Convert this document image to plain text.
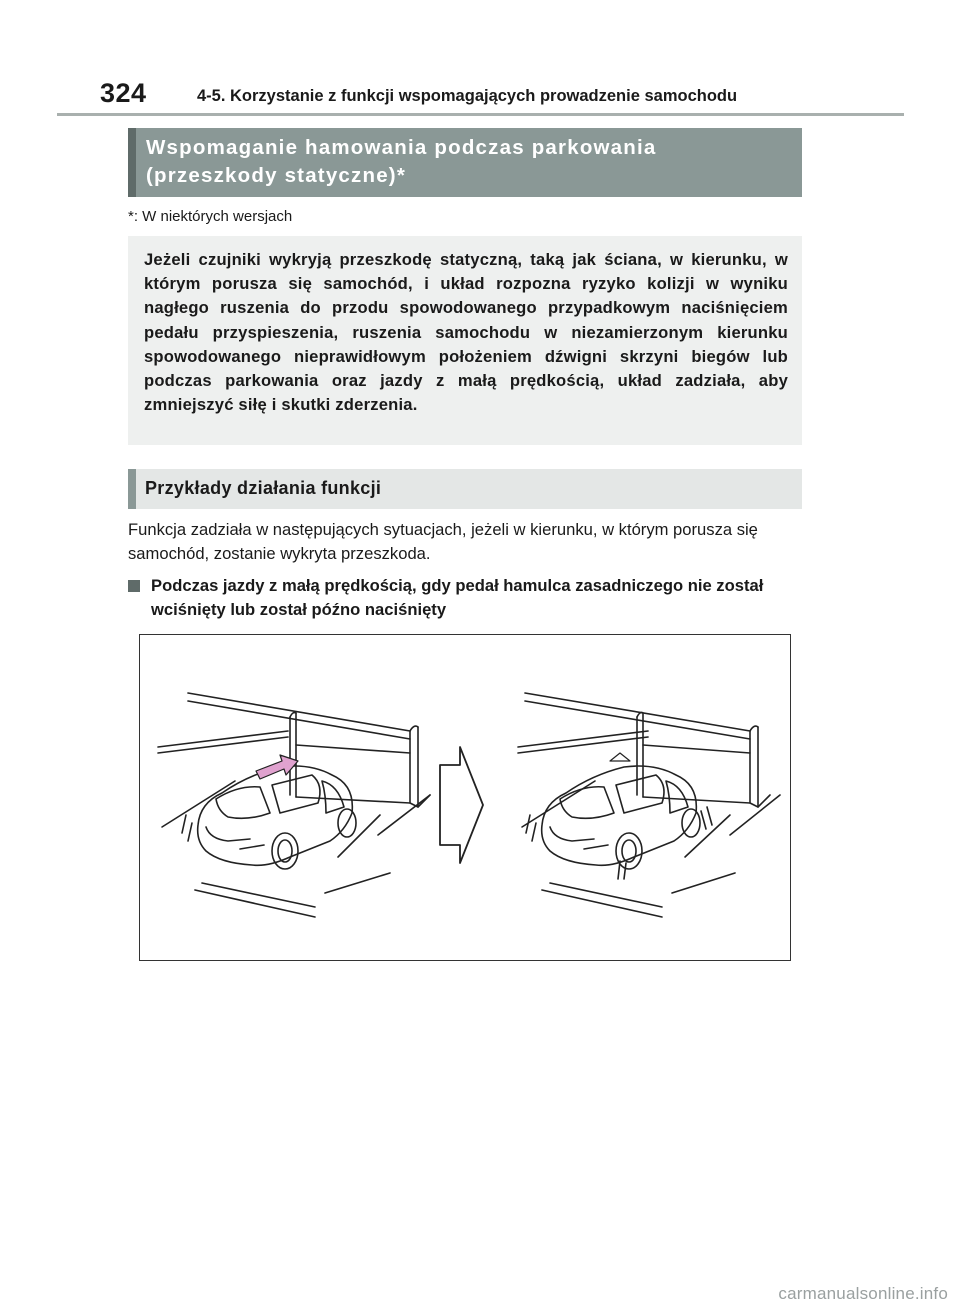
324	4-5. Korzystanie z funkcji wspomagających prowadzenie samochodu
Wspomaganie hamowania podczas parkowania
(przeszkody statyczne)*
*: W niektórych wersjach

Jeżeli czujniki wykryją przeszkodę statyczną, taką jak ściana, w kierunku, w którym porusza się samochód, i układ rozpozna ryzyko kolizji w wyniku nagłego ruszenia do przodu spowodowanego przypadkowym naciśnięciem pedału przyspieszenia, ruszenia samochodu w niezamierzonym kierunku spowodowanego nieprawidłowym położeniem dźwigni skrzyni biegów lub podczas parkowania oraz jazdy z małą prędkością, układ zadziała, aby zmniejszyć siłę i skutki zderzenia.

Przykłady działania funkcji

Funkcja zadziała w następujących sytuacjach, jeżeli w kierunku, w którym porusza się samochód, zostanie wykryta przeszkoda.

Podczas jazdy z małą prędkością, gdy pedał hamulca zasadniczego nie został wciśnięty lub został późno naciśnięty
carmanualsonline.info
